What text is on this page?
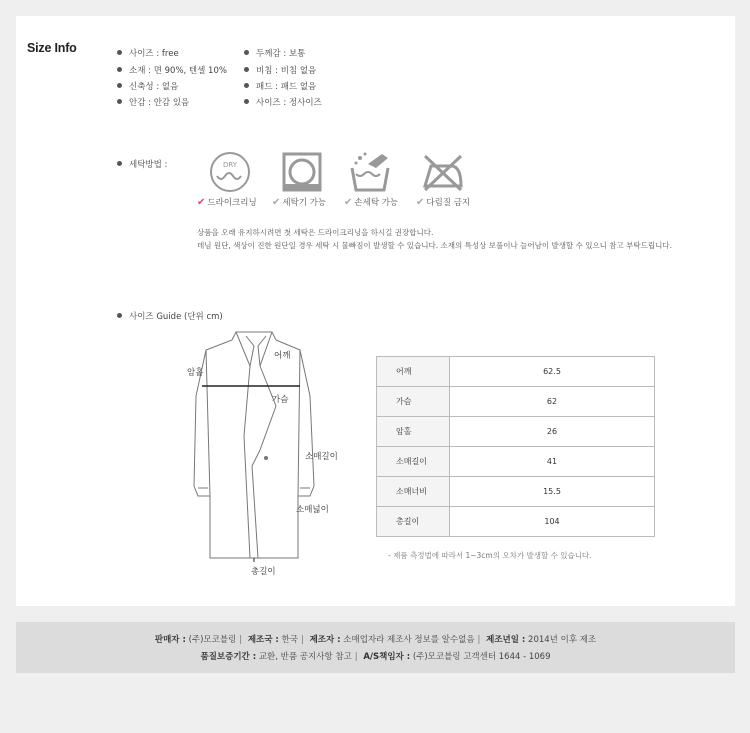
Size Info	사이즈 : free
소재 : 면 90%, 텐셀 10%
신축성 : 없음
안감 : 안감 있음
두께감 : 보통
비침 : 비침 없음
패드 : 패드 없음
사이즈 : 정사이즈
세탁방법 :	DRY
✔ 드라이크리닝 ✔ 세탁기 가능 ✔ 손세탁 가능 ✔ 다림질 금지
상품을 오래 유지하시려면 첫 세탁은 드라이크리닝을 하시길 권장합니다.
데님 원단, 색상이 진한 원단일 경우 세탁 시 물빠짐이 발생할 수 있습니다. 소재의 특성상 보풀이나 늘어남이 발생할 수 있으니 참고 부탁드립니다.
사이즈 Guide (단위 cm)
어깨
암홀
가슴
소매길이
소매넓이
총길이
어깨	62.5
가슴	62
암홀	26
소매길이	41
소매너비	15.5
총길이	104
- 제품 측정법에 따라서 1~3cm의 오차가 발생할 수 있습니다.
판매자 : (주)모코블링 | 제조국 : 한국 | 제조자 : 소매업자라 제조사 정보를 알수없음 | 제조년일 : 2014년 이후 제조
품질보증기간 : 교환, 반품 공지사항 참고 | A/S책임자 : (주)모코블링 고객센터 1644 - 1069
